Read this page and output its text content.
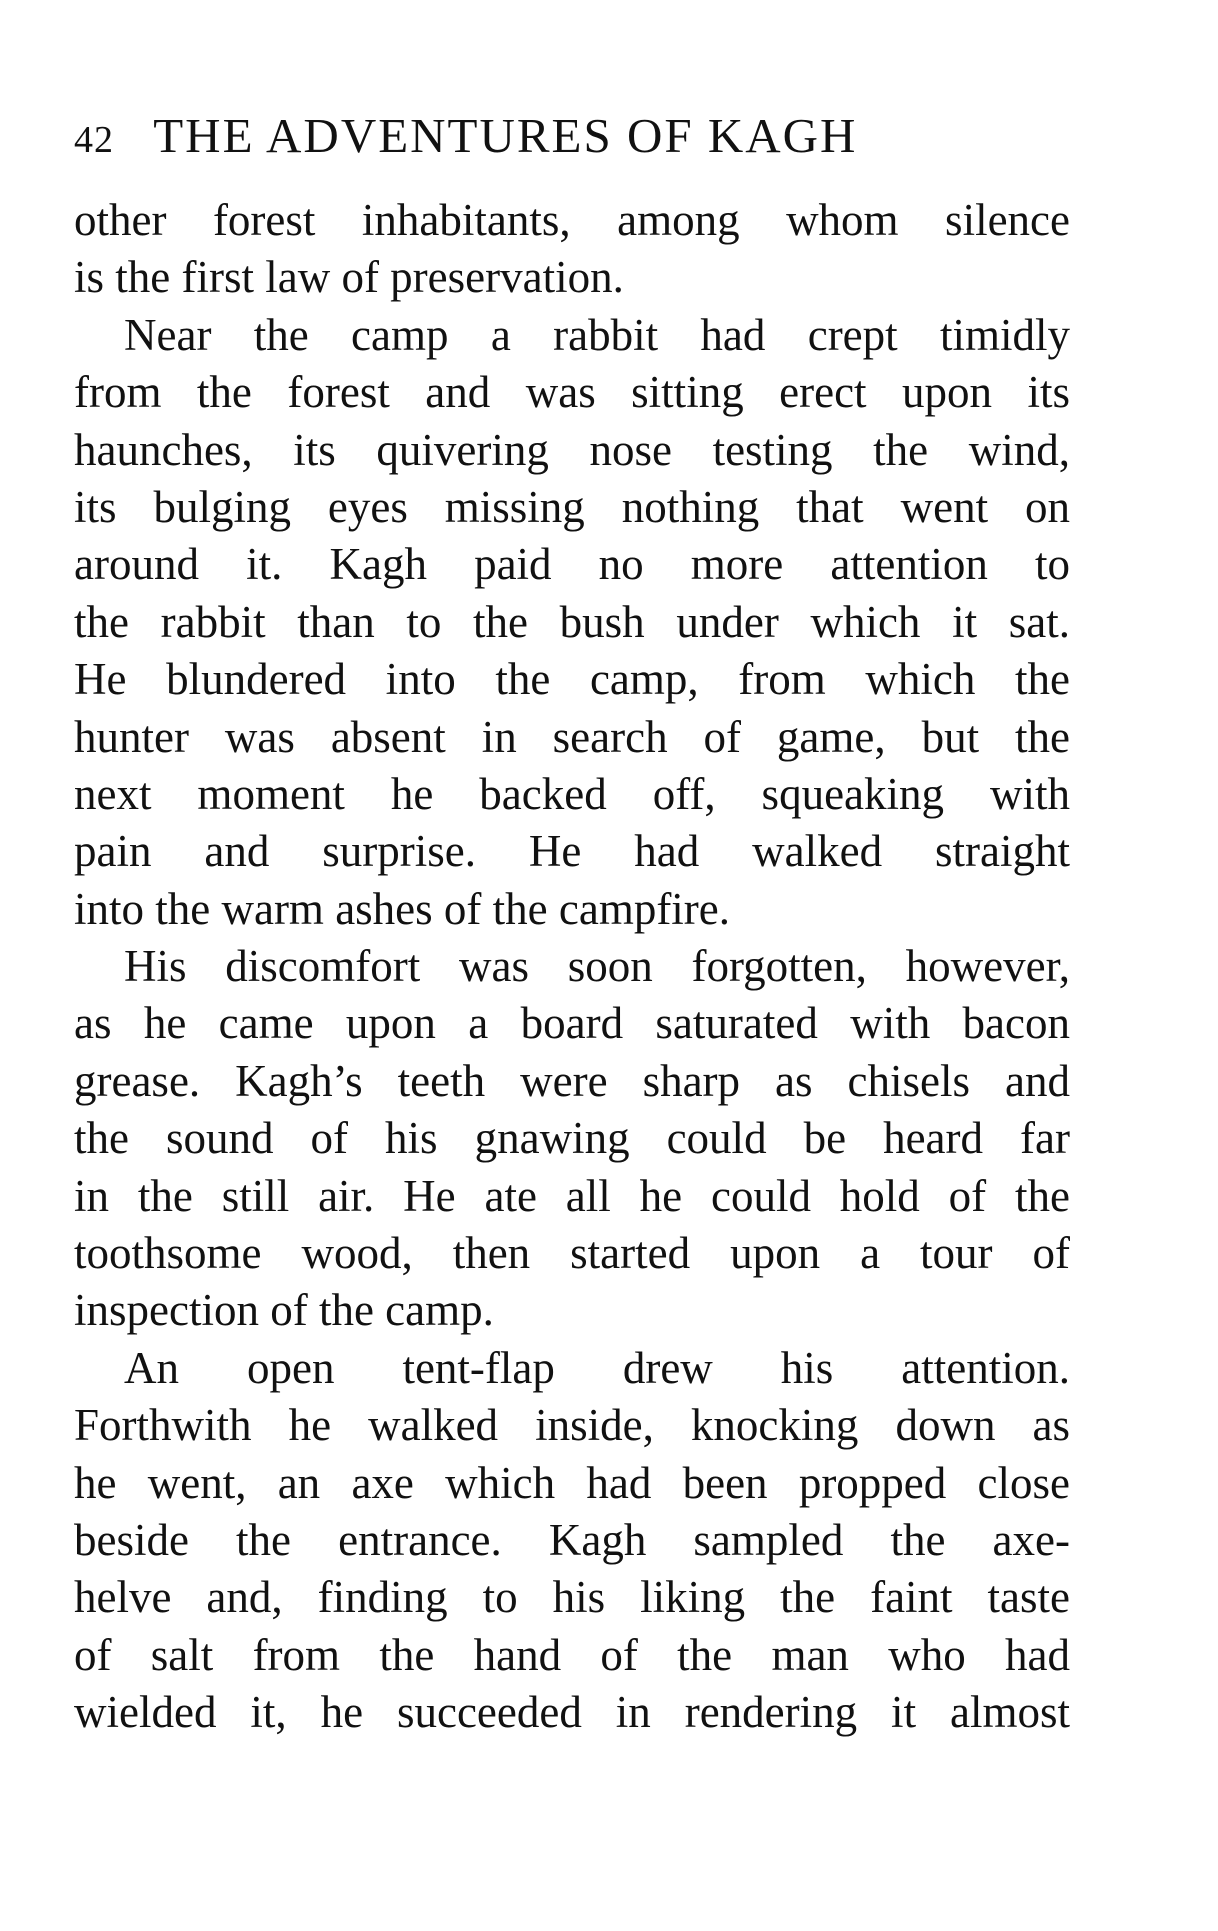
42 THE ADVENTURES OF KAGH
other forest inhabitants, among whom silence
is the first law of preservation.
Near the camp a rabbit had crept timidly
from the forest and was sitting erect upon its
haunches, its quivering nose testing the wind,
its bulging eyes missing nothing that went on
around it. Kagh paid no more attention to
the rabbit than to the bush under which it sat.
He blundered into the camp, from which the
hunter was absent in search of game, but the
next moment he backed off, squeaking with
pain and surprise. He had walked straight
into the warm ashes of the campfire.
His discomfort was soon forgotten, however,
as he came upon a board saturated with bacon
grease. Kagh’s teeth were sharp as chisels and
the sound of his gnawing could be heard far
in the still air. He ate all he could hold of the
toothsome wood, then started upon a tour of
inspection of the camp.
An open tent-flap drew his attention.
Forthwith he walked inside, knocking down as
he went, an axe which had been propped close
beside the entrance. Kagh sampled the axe-
helve and, finding to his liking the faint taste
of salt from the hand of the man who had
wielded it, he succeeded in rendering it almost
